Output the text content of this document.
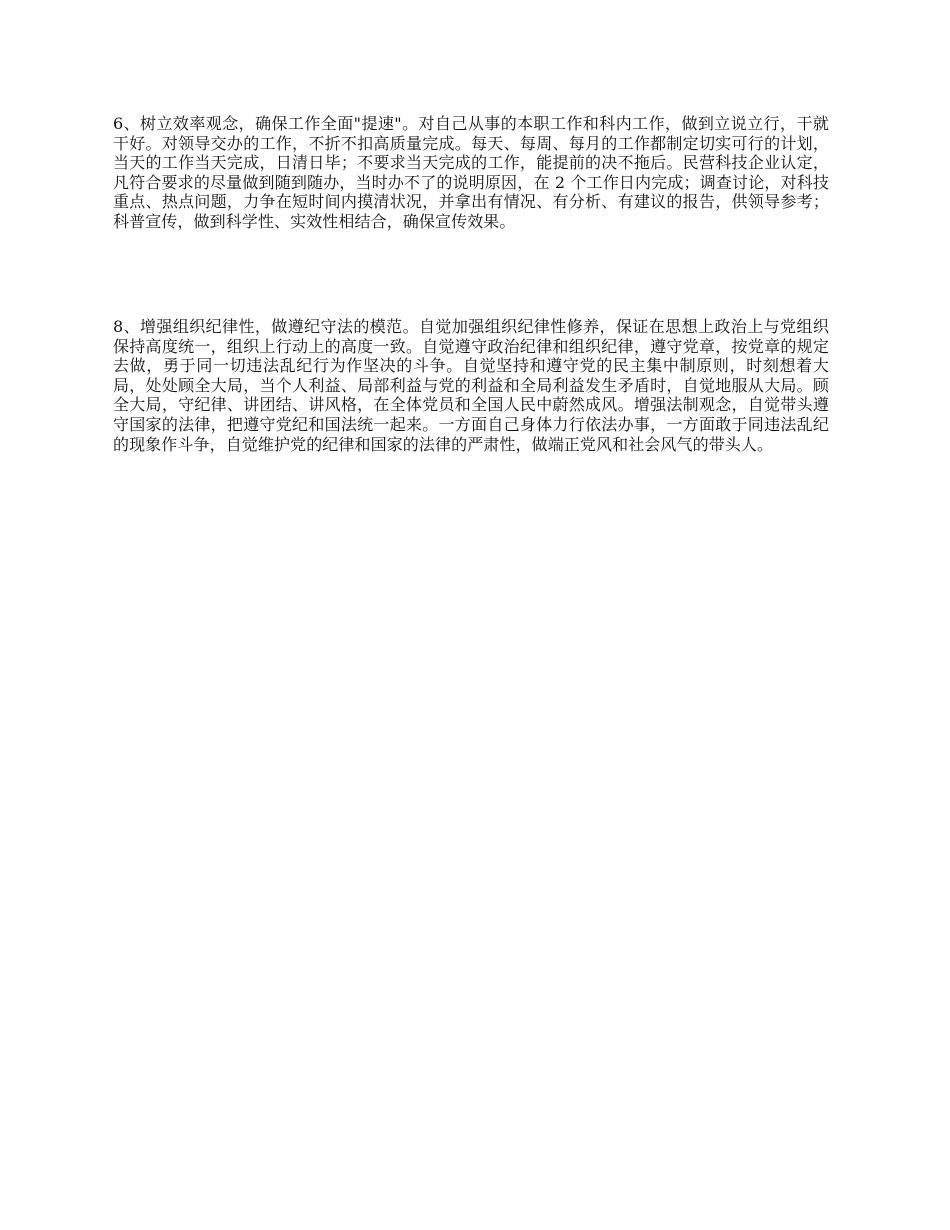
6、树立效率观念，确保工作全面"提速"。对自己从事的本职工作和科内工作，做到立说立行，干就干好。对领导交办的工作，不折不扣高质量完成。每天、每周、每月的工作都制定切实可行的计划，当天的工作当天完成，日清日毕；不要求当天完成的工作，能提前的决不拖后。民营科技企业认定，凡符合要求的尽量做到随到随办，当时办不了的说明原因，在 2 个工作日内完成；调查讨论，对科技重点、热点问题，力争在短时间内摸清状况，并拿出有情况、有分析、有建议的报告，供领导参考；科普宣传，做到科学性、实效性相结合，确保宣传效果。

8、增强组织纪律性，做遵纪守法的模范。自觉加强组织纪律性修养，保证在思想上政治上与党组织保持高度统一，组织上行动上的高度一致。自觉遵守政治纪律和组织纪律，遵守党章，按党章的规定去做，勇于同一切违法乱纪行为作坚决的斗争。自觉坚持和遵守党的民主集中制原则，时刻想着大局，处处顾全大局，当个人利益、局部利益与党的利益和全局利益发生矛盾时，自觉地服从大局。顾全大局，守纪律、讲团结、讲风格，在全体党员和全国人民中蔚然成风。增强法制观念，自觉带头遵守国家的法律，把遵守党纪和国法统一起来。一方面自己身体力行依法办事，一方面敢于同违法乱纪的现象作斗争，自觉维护党的纪律和国家的法律的严肃性，做端正党风和社会风气的带头人。
